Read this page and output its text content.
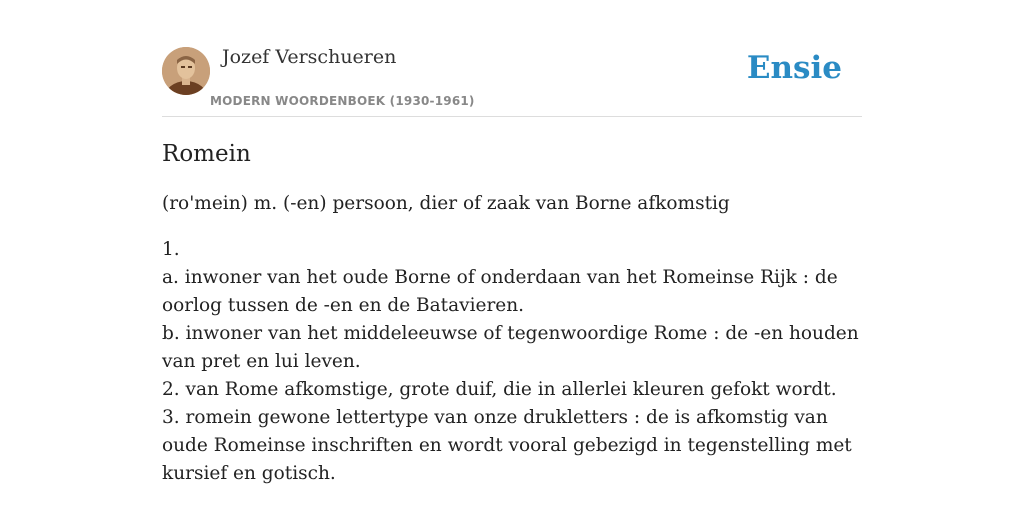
Jozef Verschueren
MODERN WOORDENBOEK (1930-1961)
Ensie
Romein

(ro'mein) m. (-en) persoon, dier of zaak van Borne afkomstig

1.
a. inwoner van het oude Borne of onderdaan van het Romeinse Rijk : de oorlog tussen de -en en de Batavieren.
b. inwoner van het middeleeuwse of tegenwoordige Rome : de -en houden van pret en lui leven.
2. van Rome afkomstige, grote duif, die in allerlei kleuren gefokt wordt.
3. romein gewone lettertype van onze drukletters : de is afkomstig van oude Romeinse inschriften en wordt vooral gebezigd in tegenstelling met kursief en gotisch.
